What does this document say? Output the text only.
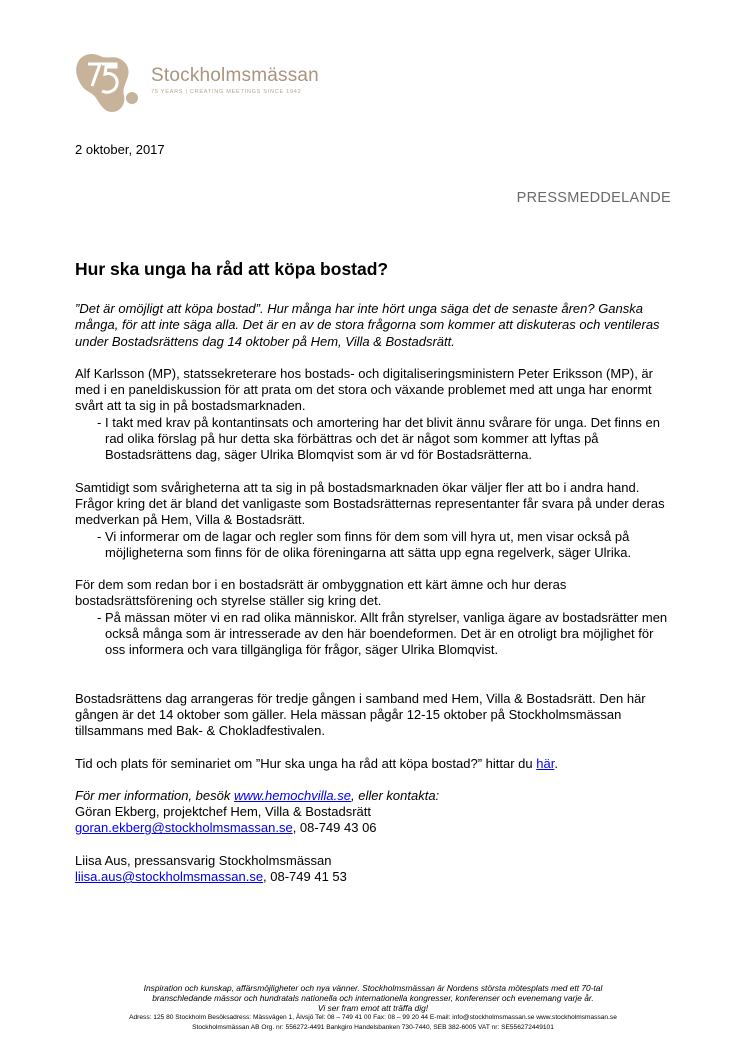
Stockholmsmässan
75 YEARS | CREATING MEETINGS SINCE 1942
2 oktober, 2017
PRESSMEDDELANDE
Hur ska unga ha råd att köpa bostad?

”Det är omöjligt att köpa bostad”. Hur många har inte hört unga säga det de senaste åren? Ganska många, för att inte säga alla. Det är en av de stora frågorna som kommer att diskuteras och ventileras under Bostadsrättens dag 14 oktober på Hem, Villa & Bostadsrätt.

Alf Karlsson (MP), statssekreterare hos bostads- och digitaliseringsministern Peter Eriksson (MP), är med i en paneldiskussion för att prata om det stora och växande problemet med att unga har enormt svårt att ta sig in på bostadsmarknaden.

- I takt med krav på kontantinsats och amortering har det blivit ännu svårare för unga. Det finns en rad olika förslag på hur detta ska förbättras och det är något som kommer att lyftas på Bostadsrättens dag, säger Ulrika Blomqvist som är vd för Bostadsrätterna.

Samtidigt som svårigheterna att ta sig in på bostadsmarknaden ökar väljer fler att bo i andra hand. Frågor kring det är bland det vanligaste som Bostadsrätternas representanter får svara på under deras medverkan på Hem, Villa & Bostadsrätt.

- Vi informerar om de lagar och regler som finns för dem som vill hyra ut, men visar också på möjligheterna som finns för de olika föreningarna att sätta upp egna regelverk, säger Ulrika.

För dem som redan bor i en bostadsrätt är ombyggnation ett kärt ämne och hur deras bostadsrättsförening och styrelse ställer sig kring det.

- På mässan möter vi en rad olika människor. Allt från styrelser, vanliga ägare av bostadsrätter men också många som är intresserade av den här boendeformen. Det är en otroligt bra möjlighet för oss informera och vara tillgängliga för frågor, säger Ulrika Blomqvist.

Bostadsrättens dag arrangeras för tredje gången i samband med Hem, Villa & Bostadsrätt. Den här gången är det 14 oktober som gäller. Hela mässan pågår 12-15 oktober på Stockholmsmässan tillsammans med Bak- & Chokladfestivalen.

Tid och plats för seminariet om ”Hur ska unga ha råd att köpa bostad?” hittar du här.

För mer information, besök www.hemochvilla.se, eller kontakta:

Göran Ekberg, projektchef Hem, Villa & Bostadsrätt

goran.ekberg@stockholmsmassan.se, 08-749 43 06

Liisa Aus, pressansvarig Stockholmsmässan

liisa.aus@stockholmsmassan.se, 08-749 41 53

Inspiration och kunskap, affärsmöjligheter och nya vänner. Stockholmsmässan är Nordens största mötesplats med ett 70-tal

branschledande mässor och hundratals nationella och internationella kongresser, konferenser och evenemang varje år.

Vi ser fram emot att träffa dig!

Adress: 125 80 Stockholm Besöksadress: Mässvägen 1, Älvsjö Tel: 08 – 749 41 00 Fax: 08 – 99 20 44 E-mail: info@stockholmsmassan.se www.stockholmsmassan.se

Stockholmsmässan AB Org. nr: 556272-4491 Bankgiro Handelsbanken 730-7440, SEB 382-6005 VAT nr: SE556272449101
